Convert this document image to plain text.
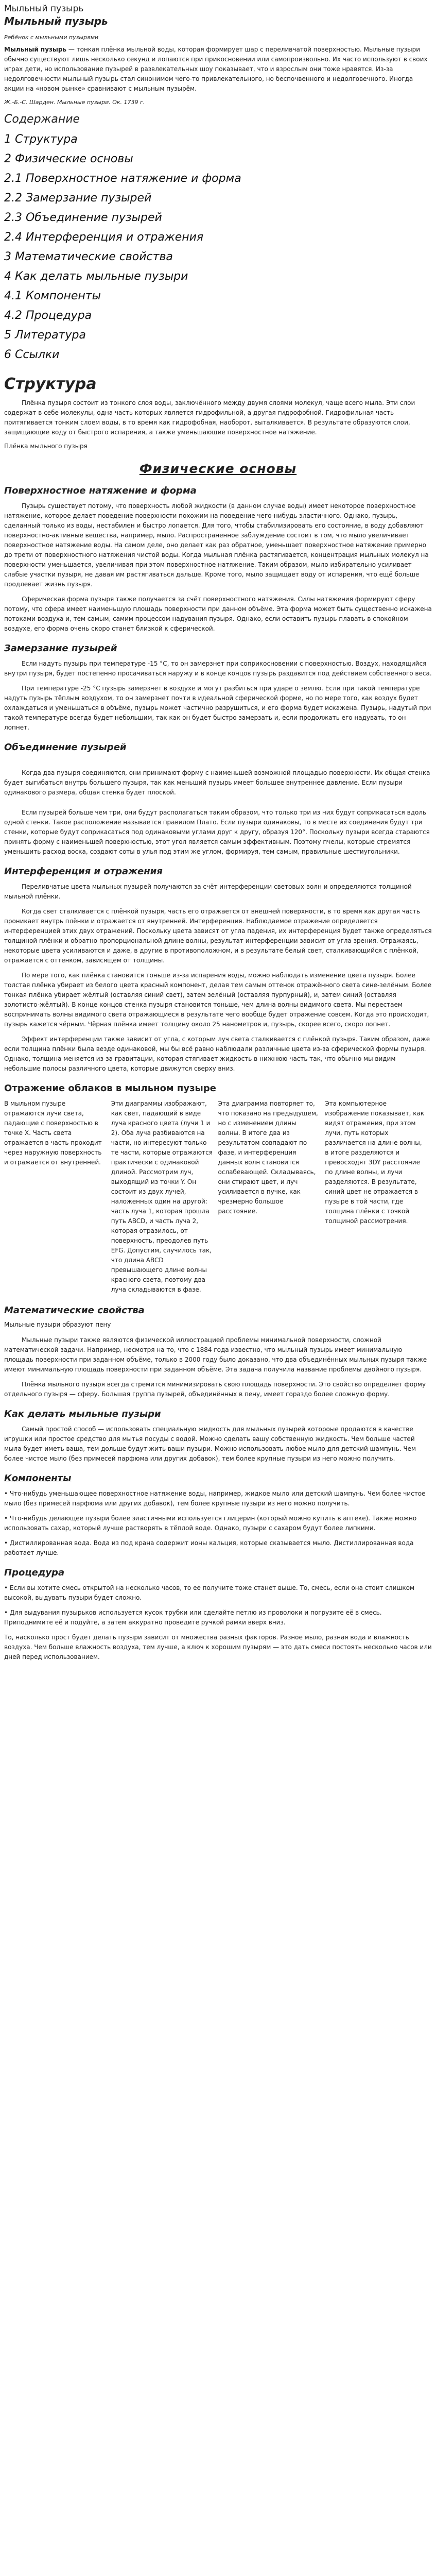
Мыльный пузырь
Мыльный пузырь
Ребёнок с мыльными пузырями

Мыльный пузырь — тонкая плёнка мыльной воды, которая формирует шар с переливчатой поверхностью. Мыльные пузыри обычно существуют лишь несколько секунд и лопаются при прикосновении или самопроизвольно. Их часто используют в своих играх дети, но использование пузырей в развлекательных шоу показывает, что и взрослым они тоже нравятся. Из-за недолговечности мыльный пузырь стал синонимом чего-то привлекательного, но беспочвенного и недолговечного. Иногда акции на «новом рынке» сравнивают с мыльным пузырём.

Ж.-Б.-С. Шарден. Мыльные пузыри. Ок. 1739 г.
Содержание
1 Структура
2 Физические основы
2.1 Поверхностное натяжение и форма
2.2 Замерзание пузырей
2.3 Объединение пузырей
2.4 Интерференция и отражения
3 Математические свойства
4 Как делать мыльные пузыри
4.1 Компоненты
4.2 Процедура
5 Литература
6 Ссылки
Структура

Плёнка пузыря состоит из тонкого слоя воды, заключённого между двумя слоями молекул, чаще всего мыла. Эти слои содержат в себе молекулы, одна часть которых является гидрофильной, а другая гидрофобной. Гидрофильная часть притягивается тонким слоем воды, в то время как гидрофобная, наоборот, выталкивается. В результате образуются слои, защищающие воду от быстрого испарения, а также уменьшающие поверхностное натяжение.

Плёнка мыльного пузыря
Физические основы
Поверхностное натяжение и форма

Пузырь существует потому, что поверхность любой жидкости (в данном случае воды) имеет некоторое поверхностное натяжение, которое делает поведение поверхности похожим на поведение чего-нибудь эластичного. Однако, пузырь, сделанный только из воды, нестабилен и быстро лопается. Для того, чтобы стабилизировать его состояние, в воду добавляют поверхностно-активные вещества, например, мыло. Распространенное заблуждение состоит в том, что мыло увеличивает поверхностное натяжение воды. На самом деле, оно делает как раз обратное, уменьшает поверхностное натяжение примерно до трети от поверхностного натяжения чистой воды. Когда мыльная плёнка растягивается, концентрация мыльных молекул на поверхности уменьшается, увеличивая при этом поверхностное натяжение. Таким образом, мыло избирательно усиливает слабые участки пузыря, не давая им растягиваться дальше. Кроме того, мыло защищает воду от испарения, что ещё больше продлевает жизнь пузыря.

Сферическая форма пузыря также получается за счёт поверхностного натяжения. Силы натяжения формируют сферу потому, что сфера имеет наименьшую площадь поверхности при данном объёме. Эта форма может быть существенно искажена потоками воздуха и, тем самым, самим процессом надувания пузыря. Однако, если оставить пузырь плавать в спокойном воздухе, его форма очень скоро станет близкой к сферической.

Замерзание пузырей

Если надуть пузырь при температуре -15 °C, то он замерзнет при соприкосновении с поверхностью. Воздух, находящийся внутри пузыря, будет постепенно просачиваться наружу и в конце концов пузырь раздавится под действием собственного веса.

При температуре -25 °C пузырь замерзнет в воздухе и могут разбиться при ударе о землю. Если при такой температуре надуть пузырь тёплым воздухом, то он замерзнет почти в идеальной сферической форме, но по мере того, как воздух будет охлаждаться и уменьшаться в объёме, пузырь может частично разрушиться, и его форма будет искажена. Пузырь, надутый при такой температуре всегда будет небольшим, так как он будет быстро замерзать и, если продолжать его надувать, то он лопнет.

Объединение пузырей

Когда два пузыря соединяются, они принимают форму с наименьшей возможной площадью поверхности. Их общая стенка будет выгибаться внутрь большего пузыря, так как меньший пузырь имеет большее внутреннее давление. Если пузыри одинакового размера, общая стенка будет плоской.

Если пузырей больше чем три, они будут располагаться таким образом, что только три из них будут соприкасаться вдоль одной стенки. Такое расположение называется правилом Плато. Если пузыри одинаковы, то в месте их соединения будут три стенки, которые будут соприкасаться под одинаковыми углами друг к другу, образуя 120°. Поскольку пузыри всегда стараются принять форму с наименьшей поверхностью, этот угол является самым эффективным. Поэтому пчелы, которые стремятся уменьшить расход воска, создают соты в улья под этим же углом, формируя, тем самым, правильные шестиугольники.

Интерференция и отражения

Переливчатые цвета мыльных пузырей получаются за счёт интерференции световых волн и определяются толщиной мыльной плёнки.

Когда свет сталкивается с плёнкой пузыря, часть его отражается от внешней поверхности, в то время как другая часть проникает внутрь плёнки и отражается от внутренней. Интерференция. Наблюдаемое отражение определяется интерференцией этих двух отражений. Поскольку цвета зависят от угла падения, их интерференция будет также определяться толщиной плёнки и обратно пропорциональной длине волны, результат интерференции зависит от угла зрения. Отражаясь, некоторые цвета усиливаются и даже, в другие в противоположном, и в результате белый свет, сталкивающийся с плёнкой, отражается с оттенком, зависящем от толщины.

По мере того, как плёнка становится тоньше из-за испарения воды, можно наблюдать изменение цвета пузыря. Более толстая плёнка убирает из белого цвета красный компонент, делая тем самым оттенок отражённого света сине-зелёным. Более тонкая плёнка убирает жёлтый (оставляя синий свет), затем зелёный (оставляя пурпурный), и, затем синий (оставляя золотисто-жёлтый). В конце концов стенка пузыря становится тоньше, чем длина волны видимого света. Мы перестаем воспринимать волны видимого света отражающиеся в результате чего вообще будет отражение совсем. Когда это происходит, пузырь кажется чёрным. Чёрная плёнка имеет толщину около 25 нанометров и, пузырь, скорее всего, скоро лопнет.

Эффект интерференции также зависит от угла, с которым луч света сталкивается с плёнкой пузыря. Таким образом, даже если толщина плёнки была везде одинаковой, мы бы всё равно наблюдали различные цвета из-за сферической формы пузыря. Однако, толщина меняется из-за гравитации, которая стягивает жидкость в нижнюю часть так, что обычно мы видим небольшие полосы различного цвета, которые движутся сверху вниз.

Отражение облаков в мыльном пузыре
В мыльном пузыре отражаются лучи света, падающие с поверхностью в точке X. Часть света отражается в часть проходит через наружную поверхность и отражается от внутренней.	Эти диаграммы изображают, как свет, падающий в виде луча красного цвета (лучи 1 и 2). Оба луча разбиваются на части, но интересуют только те части, которые отражаются практически с одинаковой длиной. Рассмотрим луч, выходящий из точки Y. Он состоит из двух лучей, наложенных один на другой: часть луча 1, которая прошла путь ABCD, и часть луча 2, которая отразилось, от поверхность, преодолев путь EFG. Допустим, случилось так, что длина ABCD превышающего длине волны красного света, поэтому два луча складываются в фазе.	Эта диаграмма повторяет то, что показано на предыдущем, но с изменением длины волны. В итоге два из результатом совпадают по фазе, и интерференция данных волн становится ослабевающей. Складываясь, они стирают цвет, и луч усиливается в пучке, как чрезмерно большое расстояние.	Эта компьютерное изображение показывает, как видят отражения, при этом лучи, путь которых различается на длине волны, в итоге разделяются и превосходят 3DY расстояние по длине волны, и лучи разделяются. В результате, синий цвет не отражается в пузыре в той части, где толщина плёнки с точкой толщиной рассмотрения.
Математические свойства
Мыльные пузыри образуют пену

Мыльные пузыри также являются физической иллюстрацией проблемы минимальной поверхности, сложной математической задачи. Например, несмотря на то, что с 1884 года известно, что мыльный пузырь имеет минимальную площадь поверхности при заданном объёме, только в 2000 году было доказано, что два объединённых мыльных пузыря также имеют минимальную площадь поверхности при заданном объёме. Эта задача получила название проблемы двойного пузыря.

Плёнка мыльного пузыря всегда стремится минимизировать свою площадь поверхности. Это свойство определяет форму отдельного пузыря — сферу. Большая группа пузырей, объединённых в пену, имеет гораздо более сложную форму.

Как делать мыльные пузыри

Самый простой способ — использовать специальную жидкость для мыльных пузырей котороые продаются в качестве игрушки или простое средство для мытья посуды с водой. Можно сделать вашу собственную жидкость. Чем больше частей мыла будет иметь ваша, тем дольше будут жить ваши пузыри. Можно использовать любое мыло для детский шампунь. Чем более чистое мыло (без примесей парфюма или других добавок), тем более крупные пузыри из него можно получить.

Компоненты

• Что-нибудь уменьшающее поверхностное натяжение воды, например, жидкое мыло или детский шампунь. Чем более чистое мыло (без примесей парфюма или других добавок), тем более крупные пузыри из него можно получить.

• Что-нибудь делающее пузыри более эластичными используется глицерин (который можно купить в аптеке). Также можно использовать сахар, который лучше растворять в тёплой воде. Однако, пузыри с сахаром будут более липкими.

• Дистиллированная вода. Вода из под крана содержит ионы кальция, которые сказывается мыло. Дистиллированная вода работает лучше.

Процедура

• Если вы хотите смесь открытой на несколько часов, то ее получите тоже станет выше. То, смесь, если она стоит слишком высокой, выдувать пузыри будет сложно.

• Для выдувания пузырьков используется кусок трубки или сделайте петлю из проволоки и погрузите её в смесь. Приподнимите её и подуйте, а затем аккуратно проведите ручкой рамки вверх вниз.

То, насколько прост будет делать пузыри зависит от множества разных факторов. Разное мыло, разная вода и влажность воздуха. Чем больше влажность воздуха, тем лучше, а ключ к хорошим пузырям — это дать смеси постоять несколько часов или дней перед использованием.
